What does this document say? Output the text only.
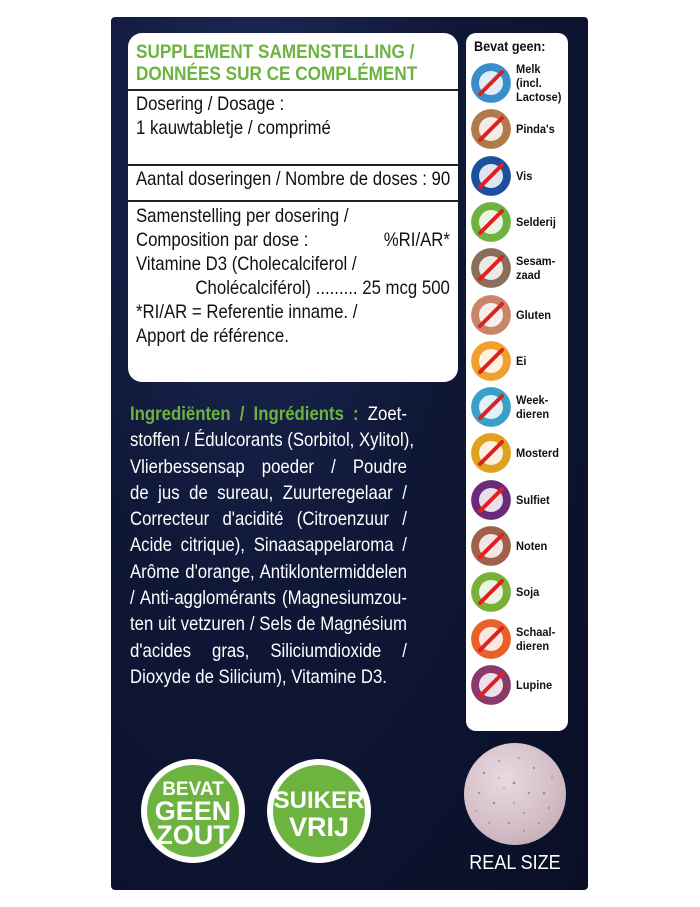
SUPPLEMENT SAMENSTELLING /
DONNÉES SUR CE COMPLÉMENT
Dosering / Dosage :
1 kauwtabletje / comprimé
Aantal doseringen / Nombre de doses : 90
Samenstelling per dosering /
Composition par dose :	%RI/AR*
Vitamine D3 (Cholecalciferol /
Cholécalciférol) ......... 25 mcg 500
*RI/AR = Referentie inname. /
Apport de référence.
Ingrediënten / Ingrédients : Zoet-
stoffen / Édulcorants (Sorbitol, Xylitol),
Vlierbessensap poeder / Poudre
de jus de sureau, Zuurteregelaar /
Correcteur d'acidité (Citroenzuur /
Acide citrique), Sinaasappelaroma /
Arôme d'orange, Antiklontermiddelen
/ Anti-agglomérants (Magnesiumzou-
ten uit vetzuren / Sels de Magnésium
d'acides gras, Siliciumdioxide /
Dioxyde de Silicium), Vitamine D3.
Bevat geen:
Melk
(incl.
Lactose)
Pinda's
Vis
Selderij
Sesam-
zaad
Gluten
Ei
Week-
dieren
Mosterd
Sulfiet
Noten
Soja
Schaal-
dieren
Lupine
BEVAT
GEEN
ZOUT
SUIKER
VRIJ
REAL SIZE
